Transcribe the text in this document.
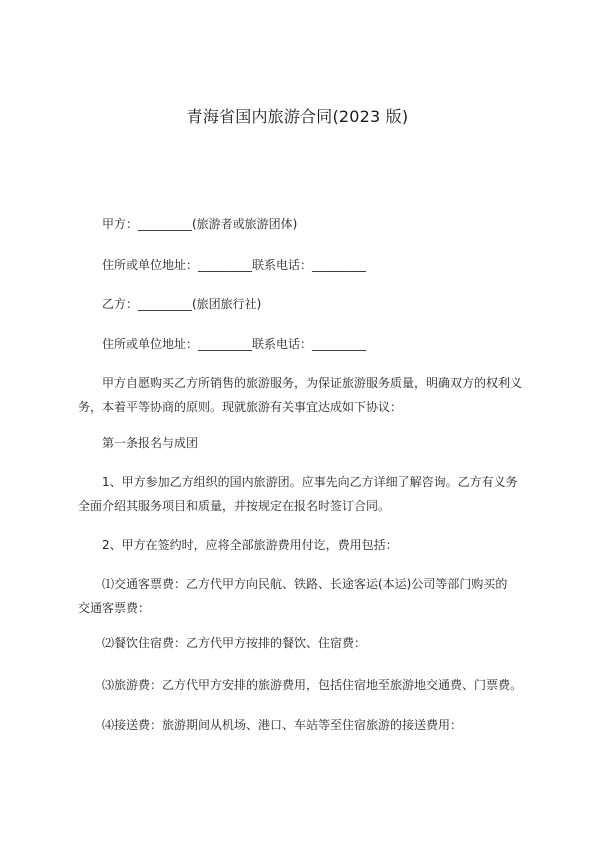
青海省国内旅游合同(2023 版)
甲方：_________(旅游者或旅游团体)
住所或单位地址：_________联系电话：_________
乙方：_________(旅团旅行社)
住所或单位地址：_________联系电话：_________
甲方自愿购买乙方所销售的旅游服务，为保证旅游服务质量，明确双方的权利义
务，本着平等协商的原则。现就旅游有关事宜达成如下协议：
第一条报名与成团
1、甲方参加乙方组织的国内旅游团。应事先向乙方详细了解咨询。乙方有义务
全面介绍其服务项目和质量，并按规定在报名时签订合同。
2、甲方在签约时，应将全部旅游费用付讫，费用包括：
⑴交通客票费：乙方代甲方向民航、铁路、长途客运(本运)公司等部门购买的
交通客票费：
⑵餐饮住宿费：乙方代甲方按排的餐饮、住宿费：
⑶旅游费：乙方代甲方安排的旅游费用，包括住宿地至旅游地交通费、门票费。
⑷接送费：旅游期间从机场、港口、车站等至住宿旅游的接送费用：
